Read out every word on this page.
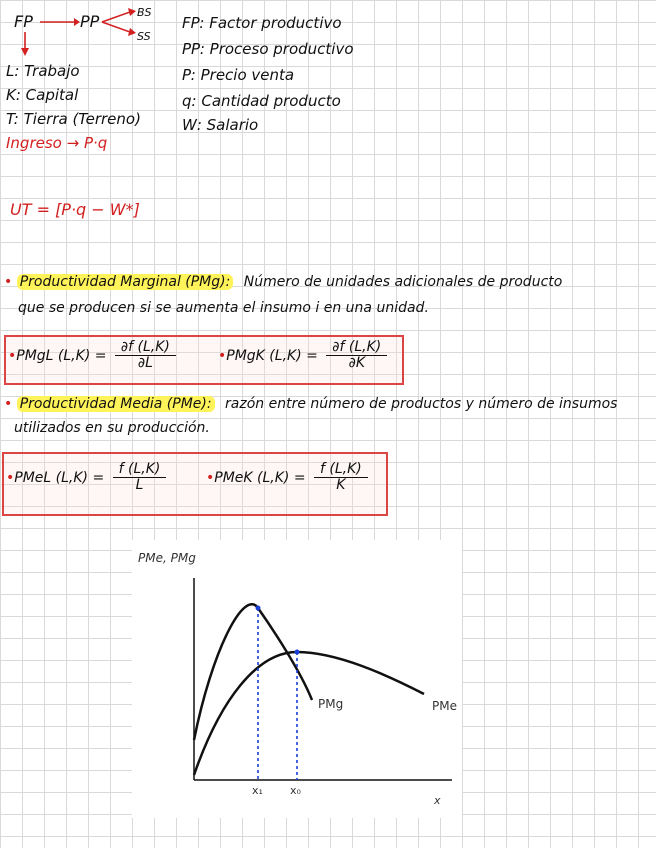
FP	PP	BS
SS
L: Trabajo
K: Capital
T: Tierra (Terreno)
Ingreso → P·q
FP: Factor productivo
PP: Proceso productivo
P: Precio venta
q: Cantidad producto
W: Salario
UT = [P·q − W*]
• Productividad Marginal (PMg): Número de unidades adicionales de producto
que se producen si se aumenta el insumo i en una unidad.
•PMgL $(L,K) = \frac{\partial f (L,K)}{\partial L}$	•PMgK $(L,K) = \frac{\partial f (L,K)}{\partial K}$
• Productividad Media (PMe): razón entre número de productos y número de insumos
utilizados en su producción.
•PMeL $(L,K) = \frac{f (L,K)}{L}$	•PMeK $(L,K) = \frac{f (L,K)}{K}$
PMe, PMg
x₁ x₀
x
PMg	PMe
